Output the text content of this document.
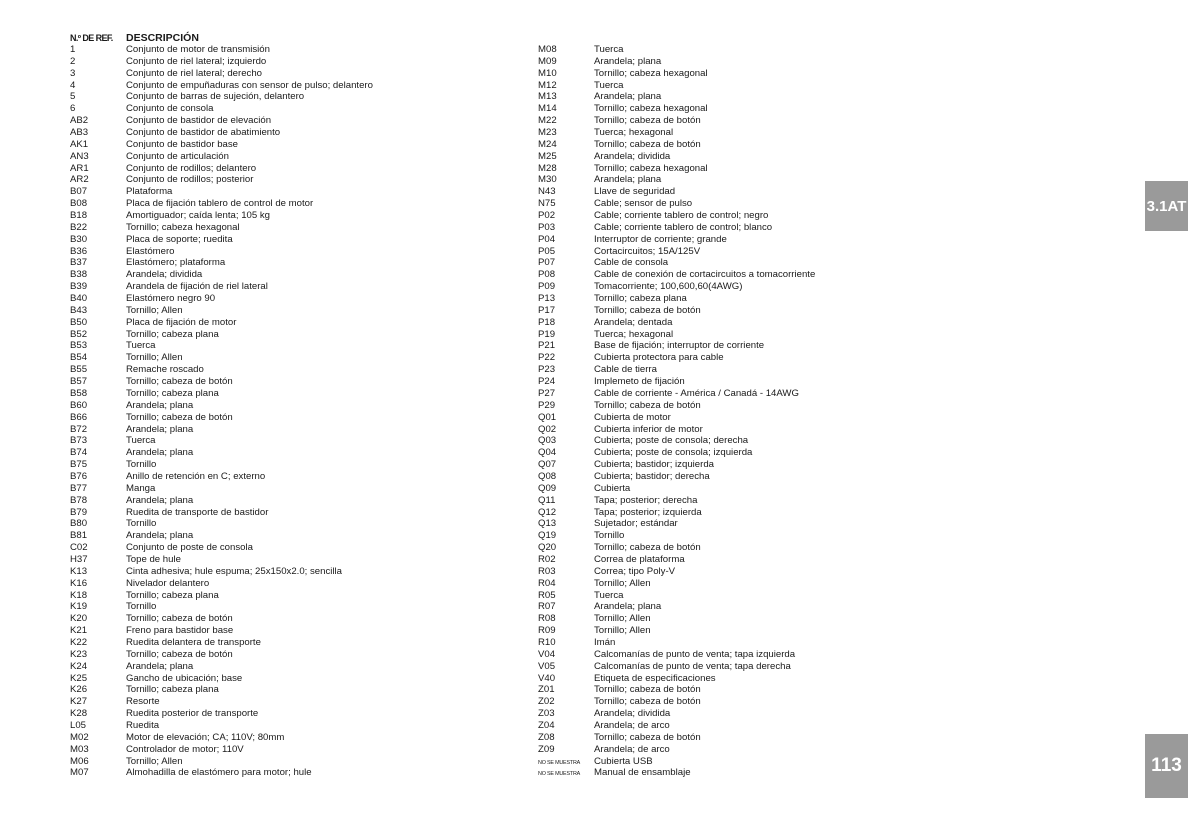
N.º DE REF.	DESCRIPCIÓN
1	Conjunto de motor de transmisión
2	Conjunto de riel lateral; izquierdo
3	Conjunto de riel lateral; derecho
4	Conjunto de empuñaduras con sensor de pulso; delantero
5	Conjunto de barras de sujeción, delantero
6	Conjunto de consola
AB2	Conjunto de bastidor de elevación
AB3	Conjunto de bastidor de abatimiento
AK1	Conjunto de bastidor base
AN3	Conjunto de articulación
AR1	Conjunto de rodillos; delantero
AR2	Conjunto de rodillos; posterior
B07	Plataforma
B08	Placa de fijación tablero de control de motor
B18	Amortiguador; caída lenta; 105 kg
B22	Tornillo; cabeza hexagonal
B30	Placa de soporte; ruedita
B36	Elastómero
B37	Elastómero; plataforma
B38	Arandela; dividida
B39	Arandela de fijación de riel lateral
B40	Elastómero negro 90
B43	Tornillo; Allen
B50	Placa de fijación de motor
B52	Tornillo; cabeza plana
B53	Tuerca
B54	Tornillo; Allen
B55	Remache roscado
B57	Tornillo; cabeza de botón
B58	Tornillo; cabeza plana
B60	Arandela; plana
B66	Tornillo; cabeza de botón
B72	Arandela; plana
B73	Tuerca
B74	Arandela; plana
B75	Tornillo
B76	Anillo de retención en C; externo
B77	Manga
B78	Arandela; plana
B79	Ruedita de transporte de bastidor
B80	Tornillo
B81	Arandela; plana
C02	Conjunto de poste de consola
H37	Tope de hule
K13	Cinta adhesiva; hule espuma; 25x150x2.0; sencilla
K16	Nivelador delantero
K18	Tornillo; cabeza plana
K19	Tornillo
K20	Tornillo; cabeza de botón
K21	Freno para bastidor base
K22	Ruedita delantera de transporte
K23	Tornillo; cabeza de botón
K24	Arandela; plana
K25	Gancho de ubicación; base
K26	Tornillo; cabeza plana
K27	Resorte
K28	Ruedita posterior de transporte
L05	Ruedita
M02	Motor de elevación; CA; 110V; 80mm
M03	Controlador de motor; 110V
M06	Tornillo; Allen
M07	Almohadilla de elastómero para motor; hule
M08	Tuerca
M09	Arandela; plana
M10	Tornillo; cabeza hexagonal
M12	Tuerca
M13	Arandela; plana
M14	Tornillo; cabeza hexagonal
M22	Tornillo; cabeza de botón
M23	Tuerca; hexagonal
M24	Tornillo; cabeza de botón
M25	Arandela; dividida
M28	Tornillo; cabeza hexagonal
M30	Arandela; plana
N43	Llave de seguridad
N75	Cable; sensor de pulso
P02	Cable; corriente tablero de control; negro
P03	Cable; corriente tablero de control; blanco
P04	Interruptor de corriente; grande
P05	Cortacircuitos; 15A/125V
P07	Cable de consola
P08	Cable de conexión de cortacircuitos a tomacorriente
P09	Tomacorriente; 100,600,60(4AWG)
P13	Tornillo; cabeza plana
P17	Tornillo; cabeza de botón
P18	Arandela; dentada
P19	Tuerca; hexagonal
P21	Base de fijación; interruptor de corriente
P22	Cubierta protectora para cable
P23	Cable de tierra
P24	Implemeto de fijación
P27	Cable de corriente - América / Canadá - 14AWG
P29	Tornillo; cabeza de botón
Q01	Cubierta de motor
Q02	Cubierta inferior de motor
Q03	Cubierta; poste de consola; derecha
Q04	Cubierta; poste de consola; izquierda
Q07	Cubierta; bastidor; izquierda
Q08	Cubierta; bastidor; derecha
Q09	Cubierta
Q11	Tapa; posterior; derecha
Q12	Tapa; posterior; izquierda
Q13	Sujetador; estándar
Q19	Tornillo
Q20	Tornillo; cabeza de botón
R02	Correa de plataforma
R03	Correa; tipo Poly-V
R04	Tornillo; Allen
R05	Tuerca
R07	Arandela; plana
R08	Tornillo; Allen
R09	Tornillo; Allen
R10	Imán
V04	Calcomanías de punto de venta; tapa izquierda
V05	Calcomanías de punto de venta; tapa derecha
V40	Etiqueta de especificaciones
Z01	Tornillo; cabeza de botón
Z02	Tornillo; cabeza de botón
Z03	Arandela; dividida
Z04	Arandela; de arco
Z08	Tornillo; cabeza de botón
Z09	Arandela; de arco
NO SE MUESTRA	Cubierta USB
NO SE MUESTRA	Manual de ensamblaje
3.1AT
113
